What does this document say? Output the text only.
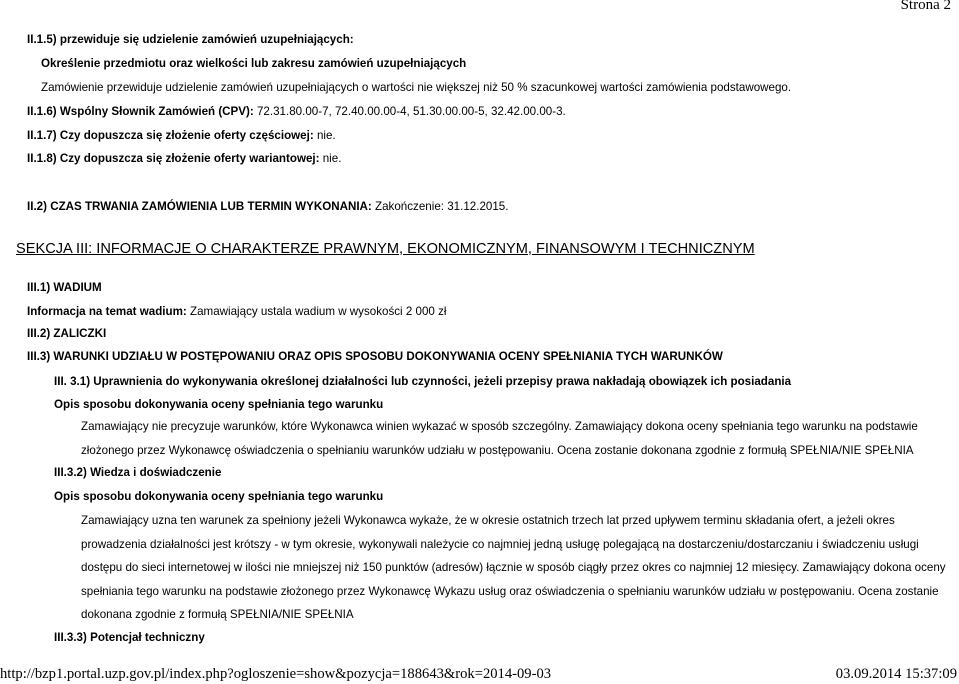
Strona 2
II.1.5) przewiduje się udzielenie zamówień uzupełniających:
Określenie przedmiotu oraz wielkości lub zakresu zamówień uzupełniających
Zamówienie przewiduje udzielenie zamówień uzupełniających o wartości nie większej niż 50 % szacunkowej wartości zamówienia podstawowego.
II.1.6) Wspólny Słownik Zamówień (CPV): 72.31.80.00-7, 72.40.00.00-4, 51.30.00.00-5, 32.42.00.00-3.
II.1.7) Czy dopuszcza się złożenie oferty częściowej: nie.
II.1.8) Czy dopuszcza się złożenie oferty wariantowej: nie.
II.2) CZAS TRWANIA ZAMÓWIENIA LUB TERMIN WYKONANIA: Zakończenie: 31.12.2015.
SEKCJA III: INFORMACJE O CHARAKTERZE PRAWNYM, EKONOMICZNYM, FINANSOWYM I TECHNICZNYM
III.1) WADIUM
Informacja na temat wadium: Zamawiający ustala wadium w wysokości 2 000 zł
III.2) ZALICZKI
III.3) WARUNKI UDZIAŁU W POSTĘPOWANIU ORAZ OPIS SPOSOBU DOKONYWANIA OCENY SPEŁNIANIA TYCH WARUNKÓW
III. 3.1) Uprawnienia do wykonywania określonej działalności lub czynności, jeżeli przepisy prawa nakładają obowiązek ich posiadania
Opis sposobu dokonywania oceny spełniania tego warunku
Zamawiający nie precyzuje warunków, które Wykonawca winien wykazać w sposób szczególny. Zamawiający dokona oceny spełniania tego warunku na podstawie
złożonego przez Wykonawcę oświadczenia o spełnianiu warunków udziału w postępowaniu. Ocena zostanie dokonana zgodnie z formułą SPEŁNIA/NIE SPEŁNIA
III.3.2) Wiedza i doświadczenie
Opis sposobu dokonywania oceny spełniania tego warunku
Zamawiający uzna ten warunek za spełniony jeżeli Wykonawca wykaże, że w okresie ostatnich trzech lat przed upływem terminu składania ofert, a jeżeli okres
prowadzenia działalności jest krótszy - w tym okresie, wykonywali należycie co najmniej jedną usługę polegającą na dostarczeniu/dostarczaniu i świadczeniu usługi
dostępu do sieci internetowej w ilości nie mniejszej niż 150 punktów (adresów) łącznie w sposób ciągły przez okres co najmniej 12 miesięcy. Zamawiający dokona oceny
spełniania tego warunku na podstawie złożonego przez Wykonawcę Wykazu usług oraz oświadczenia o spełnianiu warunków udziału w postępowaniu. Ocena zostanie
dokonana zgodnie z formułą SPEŁNIA/NIE SPEŁNIA
III.3.3) Potencjał techniczny
http://bzp1.portal.uzp.gov.pl/index.php?ogloszenie=show&pozycja=188643&rok=2014-09-03	03.09.2014 15:37:09
